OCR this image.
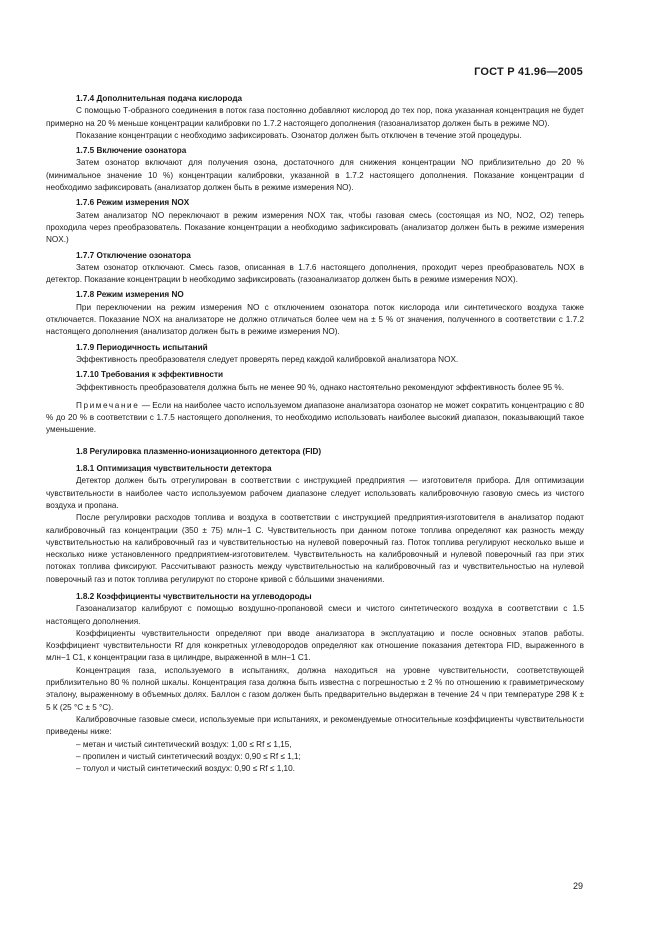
ГОСТ Р 41.96—2005
1.7.4 Дополнительная подача кислорода

С помощью Т-образного соединения в поток газа постоянно добавляют кислород до тех пор, пока указанная концентрация не будет примерно на 20 % меньше концентрации калибровки по 1.7.2 настоящего дополнения (газоанализатор должен быть в режиме NO).

Показание концентрации c необходимо зафиксировать. Озонатор должен быть отключен в течение этой процедуры.

1.7.5 Включение озонатора

Затем озонатор включают для получения озона, достаточного для снижения концентрации NO приблизительно до 20 % (минимальное значение 10 %) концентрации калибровки, указанной в 1.7.2 настоящего дополнения. Показание концентрации d необходимо зафиксировать (анализатор должен быть в режиме измерения NO).

1.7.6 Режим измерения NOX

Затем анализатор NO переключают в режим измерения NOX так, чтобы газовая смесь (состоящая из NO, NO2, O2) теперь проходила через преобразователь. Показание концентрации a необходимо зафиксировать (анализатор должен быть в режиме измерения NOX.)

1.7.7 Отключение озонатора

Затем озонатор отключают. Смесь газов, описанная в 1.7.6 настоящего дополнения, проходит через преобразователь NOX в детектор. Показание концентрации b необходимо зафиксировать (газоанализатор должен быть в режиме измерения NOX).

1.7.8 Режим измерения NO

При переключении на режим измерения NO с отключением озонатора поток кислорода или синтетического воздуха также отключается. Показание NOX на анализаторе не должно отличаться более чем на ± 5 % от значения, полученного в соответствии с 1.7.2 настоящего дополнения (анализатор должен быть в режиме измерения NO).

1.7.9 Периодичность испытаний

Эффективность преобразователя следует проверять перед каждой калибровкой анализатора NOX.

1.7.10 Требования к эффективности

Эффективность преобразователя должна быть не менее 90 %, однако настоятельно рекомендуют эффективность более 95 %.

Примечание — Если на наиболее часто используемом диапазоне анализатора озонатор не может сократить концентрацию с 80 % до 20 % в соответствии с 1.7.5 настоящего дополнения, то необходимо использовать наиболее высокий диапазон, показывающий такое уменьшение.

1.8 Регулировка плазменно-ионизационного детектора (FID)
1.8.1 Оптимизация чувствительности детектора

Детектор должен быть отрегулирован в соответствии с инструкцией предприятия — изготовителя прибора. Для оптимизации чувствительности в наиболее часто используемом рабочем диапазоне следует использовать калибровочную газовую смесь из чистого воздуха и пропана.

После регулировки расходов топлива и воздуха в соответствии с инструкцией предприятия-изготовителя в анализатор подают калибровочный газ концентрации (350 ± 75) млн−1 С. Чувствительность при данном потоке топлива определяют как разность между чувствительностью на калибровочный газ и чувствительностью на нулевой поверочный газ. Поток топлива регулируют несколько выше и несколько ниже установленного предприятием-изготовителем. Чувствительность на калибровочный и нулевой поверочный газ при этих потоках топлива фиксируют. Рассчитывают разность между чувствительностью на калибровочный газ и чувствительностью на нулевой поверочный газ и поток топлива регулируют по стороне кривой с бо́льшими значениями.

1.8.2 Коэффициенты чувствительности на углеводороды

Газоанализатор калибруют с помощью воздушно-пропановой смеси и чистого синтетического воздуха в соответствии с 1.5 настоящего дополнения.

Коэффициенты чувствительности определяют при вводе анализатора в эксплуатацию и после основных этапов работы. Коэффициент чувствительности Rf для конкретных углеводородов определяют как отношение показания детектора FID, выраженного в млн−1 С1, к концентрации газа в цилиндре, выраженной в млн−1 С1.

Концентрация газа, используемого в испытаниях, должна находиться на уровне чувствительности, соответствующей приблизительно 80 % полной шкалы. Концентрация газа должна быть известна с погрешностью ± 2 % по отношению к гравиметрическому эталону, выраженному в объемных долях. Баллон с газом должен быть предварительно выдержан в течение 24 ч при температуре 298 К ± 5 К (25 °С ± 5 °С).

Калибровочные газовые смеси, используемые при испытаниях, и рекомендуемые относительные коэффициенты чувствительности приведены ниже:

– метан и чистый синтетический воздух: 1,00 ≤ Rf ≤ 1,15,
– пропилен и чистый синтетический воздух: 0,90 ≤ Rf ≤ 1,1;
– толуол и чистый синтетический воздух: 0,90 ≤ Rf ≤ 1,10.
29
